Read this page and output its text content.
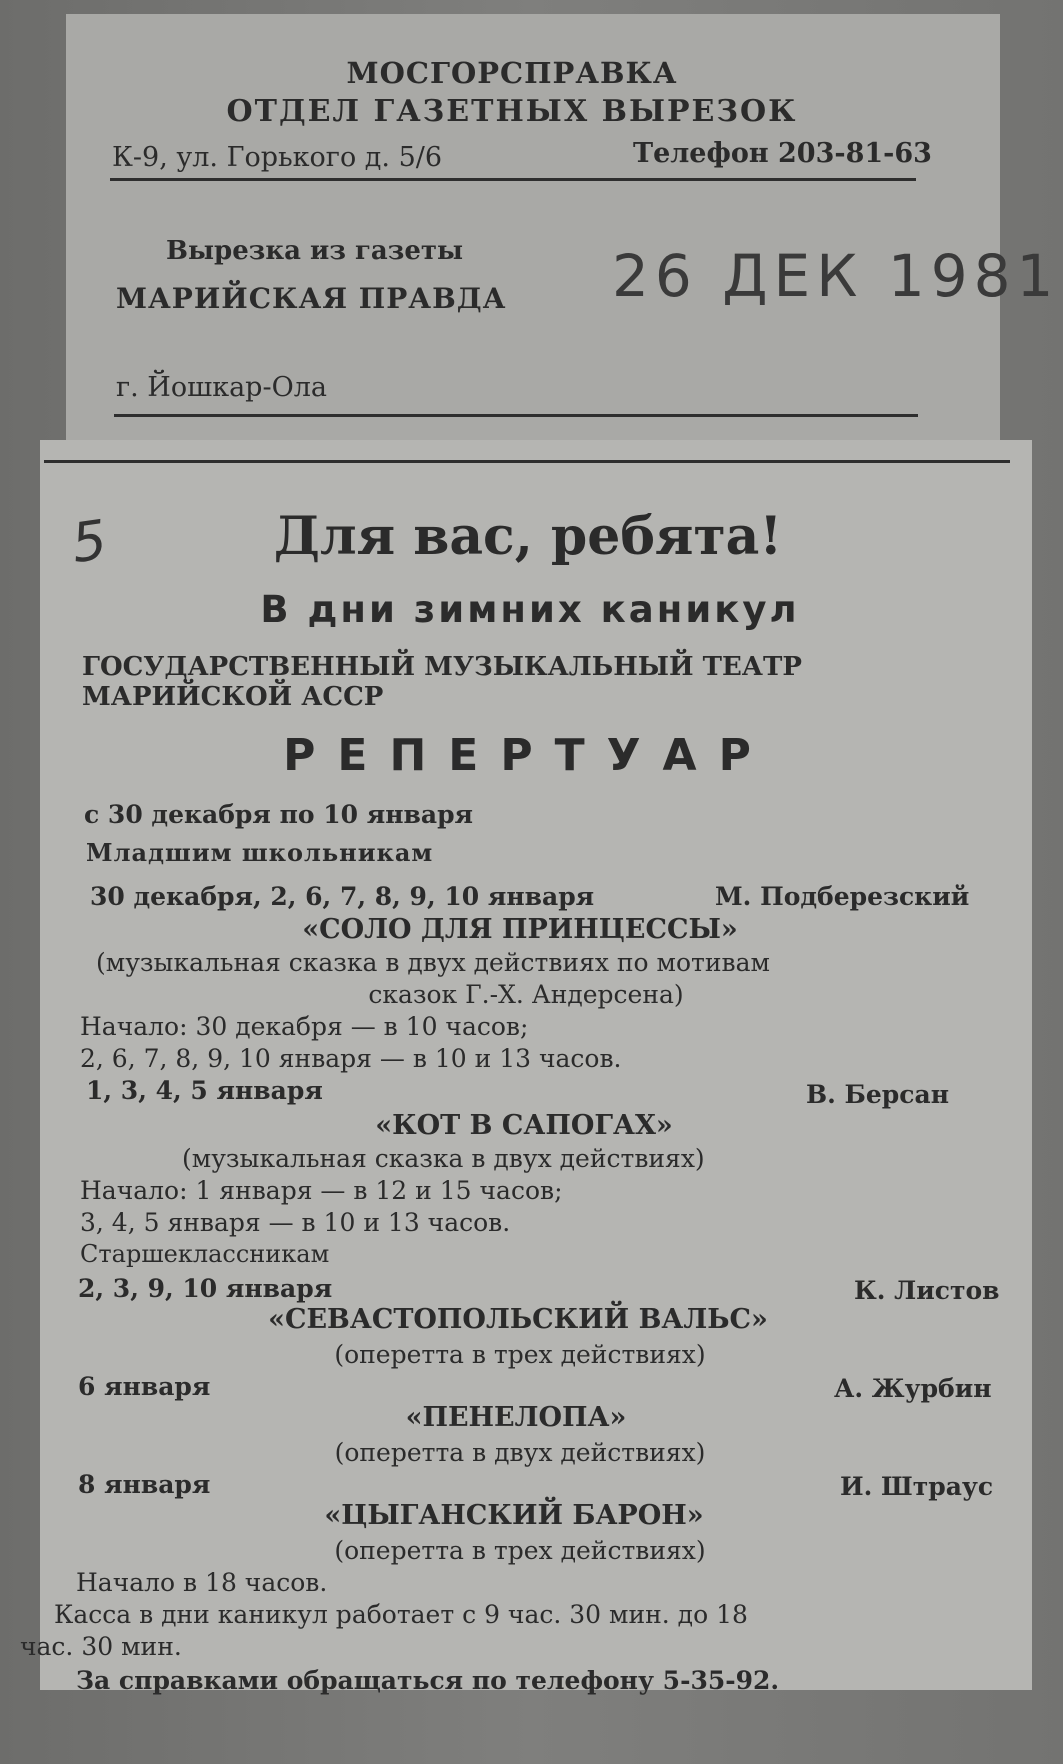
МОСГОРСПРАВКА
ОТДЕЛ ГАЗЕТНЫХ ВЫРЕЗОК
К-9, ул. Горького д. 5/6	Телефон 203-81-63
Вырезка из газеты
МАРИЙСКАЯ ПРАВДА 26 ДЕК 1981
г. Йошкар-Ола
5	Для вас, ребята!
В дни зимних каникул
ГОСУДАРСТВЕННЫЙ МУЗЫКАЛЬНЫЙ ТЕАТР
МАРИЙСКОЙ АССР
РЕПЕРТУАР
с 30 декабря по 10 января
Младшим школьникам
30 декабря, 2, 6, 7, 8, 9, 10 января	М. Подберезский
«СОЛО ДЛЯ ПРИНЦЕССЫ»
(музыкальная сказка в двух действиях по мотивам
сказок Г.-Х. Андерсена)
Начало: 30 декабря — в 10 часов;
2, 6, 7, 8, 9, 10 января — в 10 и 13 часов.
1, 3, 4, 5 января	В. Берсан
«КОТ В САПОГАХ»
(музыкальная сказка в двух действиях)
Начало: 1 января — в 12 и 15 часов;
3, 4, 5 января — в 10 и 13 часов.
Старшеклассникам
2, 3, 9, 10 января	К. Листов
«СЕВАСТОПОЛЬСКИЙ ВАЛЬС»
(оперетта в трех действиях)
6 января	А. Журбин
«ПЕНЕЛОПА»
(оперетта в двух действиях)
8 января	И. Штраус
«ЦЫГАНСКИЙ БАРОН»
(оперетта в трех действиях)
Начало в 18 часов.
Касса в дни каникул работает с 9 час. 30 мин. до 18
час. 30 мин.
За справками обращаться по телефону 5-35-92.
